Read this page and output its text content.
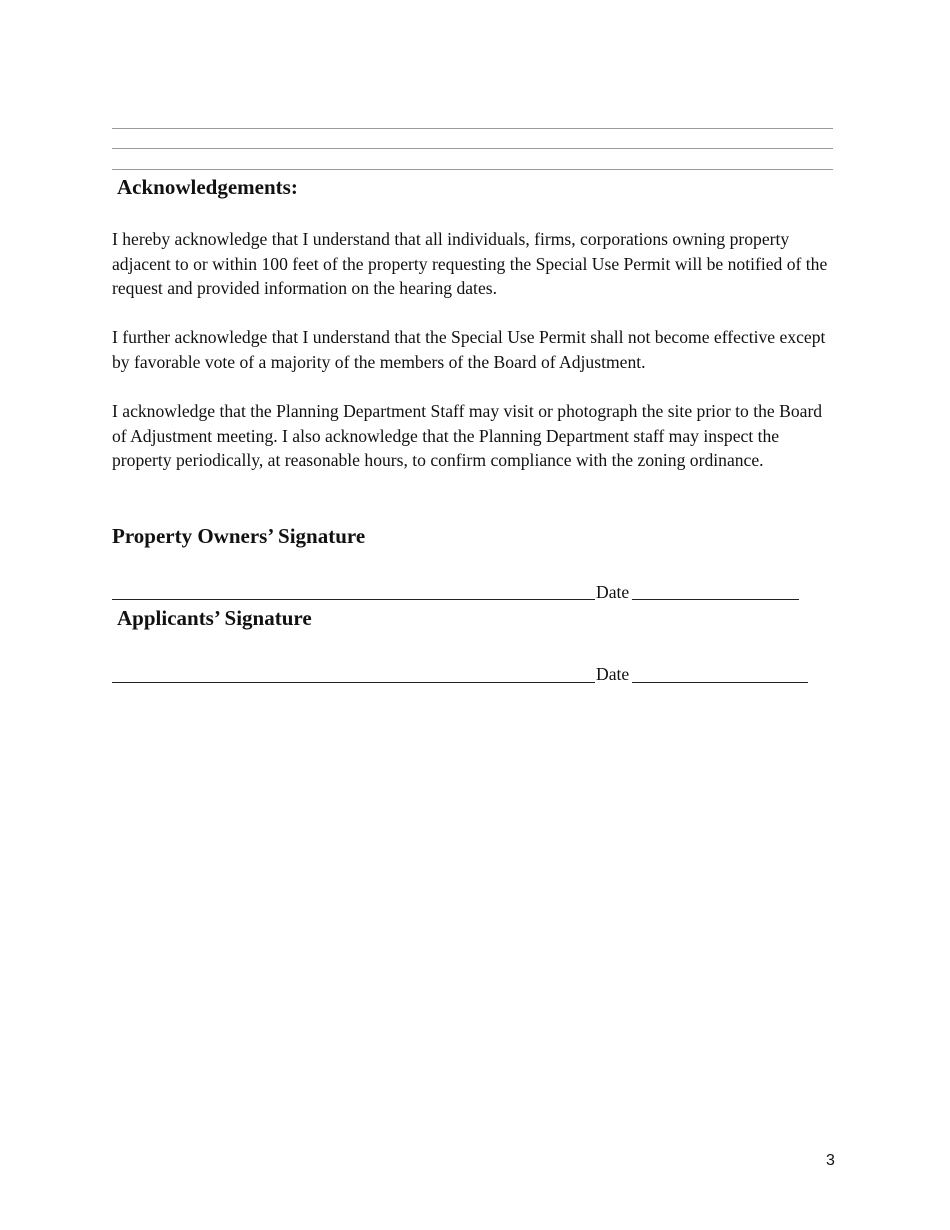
Acknowledgements:

I hereby acknowledge that I understand that all individuals, firms, corporations owning property adjacent to or within 100 feet of the property requesting the Special Use Permit will be notified of the request and provided information on the hearing dates.

I further acknowledge that I understand that the Special Use Permit shall not become effective except by favorable vote of a majority of the members of the Board of Adjustment.

I acknowledge that the Planning Department Staff may visit or photograph the site prior to the Board of Adjustment meeting. I also acknowledge that the Planning Department staff may inspect the property periodically, at reasonable hours, to confirm compliance with the zoning ordinance.

Property Owners’ Signature
Date
Applicants’ Signature
Date
3
